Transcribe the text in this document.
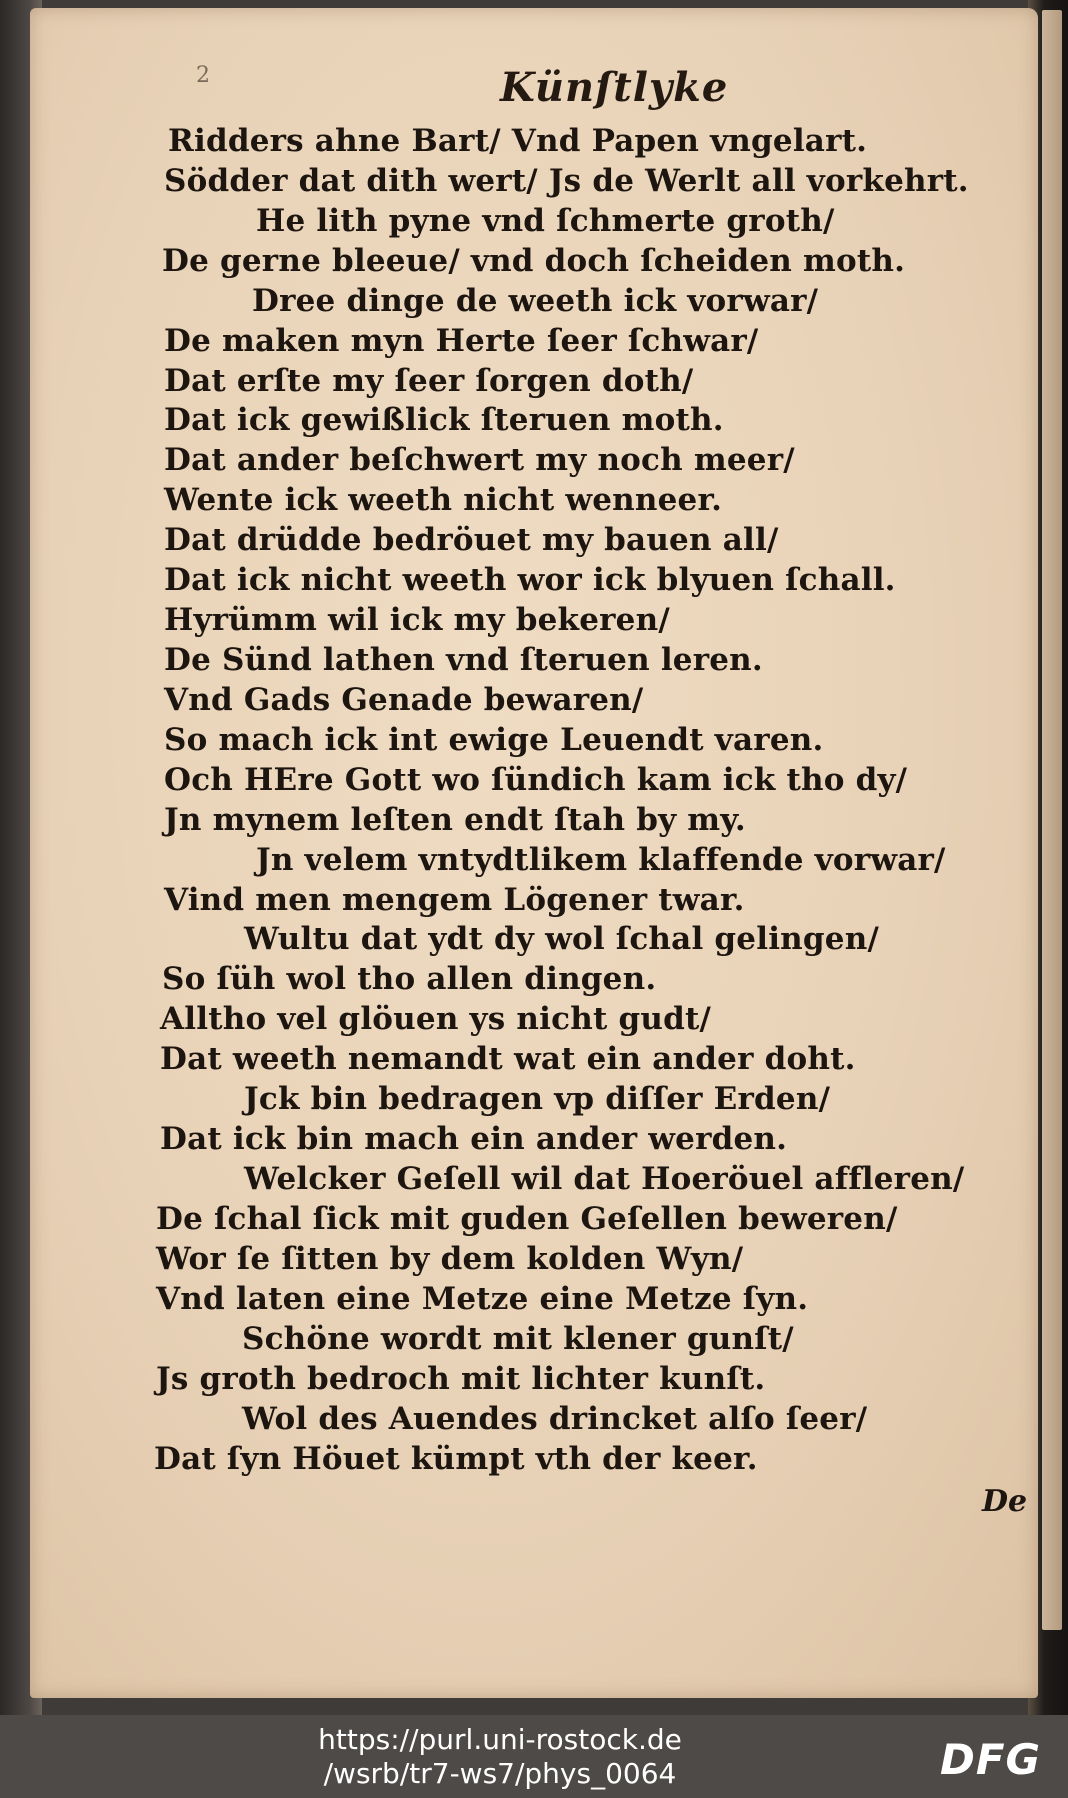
2	Künſtlyke
Ridders ahne Bart/ Vnd Papen vngelart.
Södder dat dith wert/ Js de Werlt all vorkehrt.
He lith pyne vnd ſchmerte groth/
De gerne bleeue/ vnd doch ſcheiden moth.
Dree dinge de weeth ick vorwar/
De maken myn Herte ſeer ſchwar/
Dat erſte my ſeer ſorgen doth/
Dat ick gewißlick ſteruen moth.
Dat ander beſchwert my noch meer/
Wente ick weeth nicht wenneer.
Dat drüdde bedröuet my bauen all/
Dat ick nicht weeth wor ick blyuen ſchall.
Hyrümm wil ick my bekeren/
De Sünd lathen vnd ſteruen leren.
Vnd Gads Genade bewaren/
So mach ick int ewige Leuendt varen.
Och HEre Gott wo ſündich kam ick tho dy/
Jn mynem leſten endt ſtah by my.
Jn velem vntydtlikem klaffende vorwar/
Vind men mengem Lögener twar.
Wultu dat ydt dy wol ſchal gelingen/
So ſüh wol tho allen dingen.
Alltho vel glöuen ys nicht gudt/
Dat weeth nemandt wat ein ander doht.
Jck bin bedragen vp diſſer Erden/
Dat ick bin mach ein ander werden.
Welcker Geſell wil dat Hoeröuel affleren/
De ſchal ſick mit guden Geſellen beweren/
Wor ſe ſitten by dem kolden Wyn/
Vnd laten eine Metze eine Metze ſyn.
Schöne wordt mit klener gunſt/
Js groth bedroch mit lichter kunſt.
Wol des Auendes drincket alſo ſeer/
Dat ſyn Höuet kümpt vth der keer.
De
https://purl.uni-rostock.de
/wsrb/tr7-ws7/phys_0064	DFG
